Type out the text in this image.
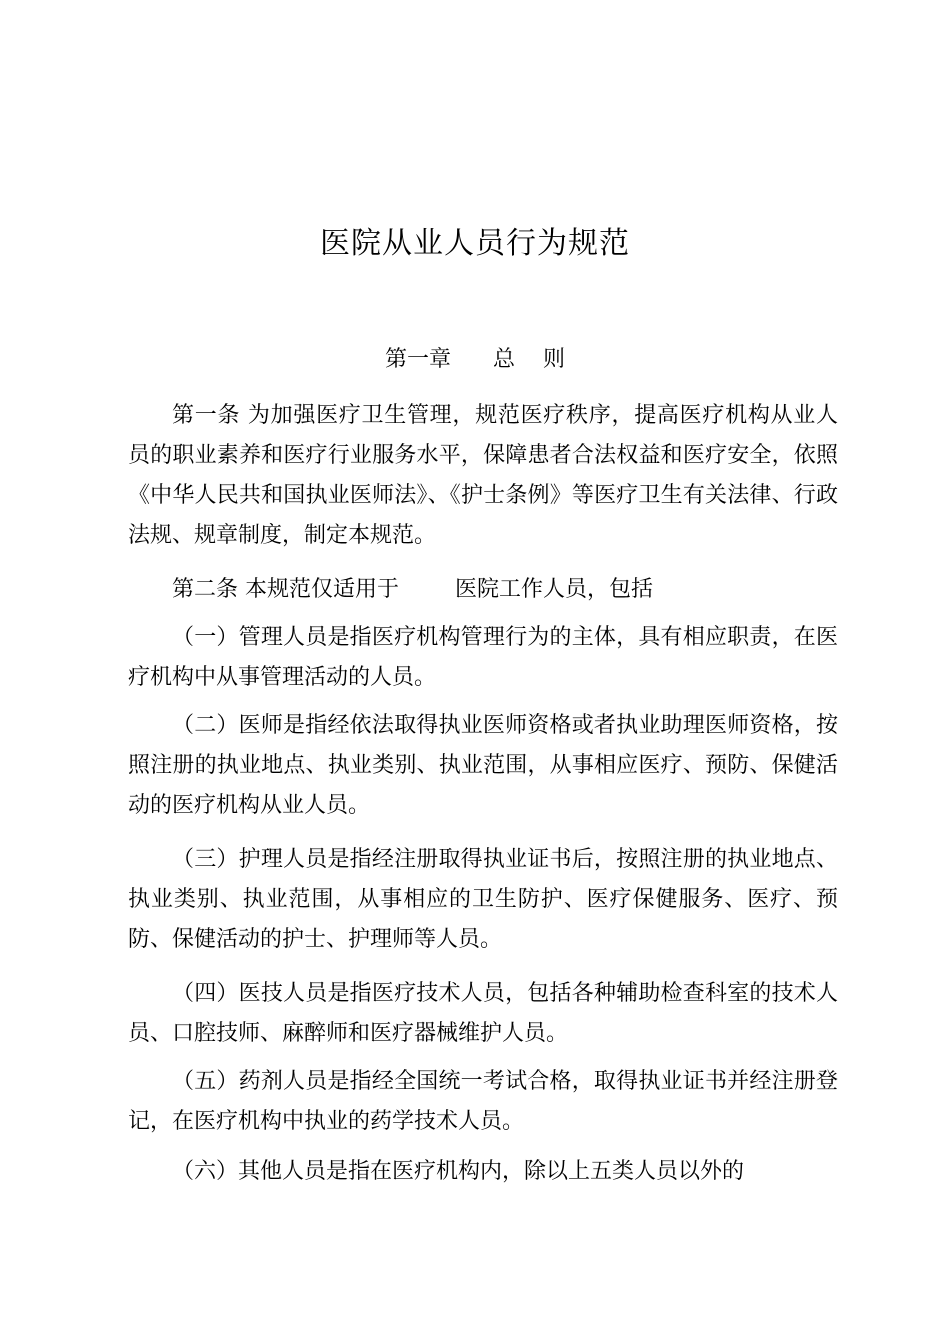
医院从业人员行为规范
第一章      总    则

第一条 为加强医疗卫生管理，规范医疗秩序，提高医疗机构从业人员的职业素养和医疗行业服务水平，保障患者合法权益和医疗安全，依照《中华人民共和国执业医师法》、《护士条例》等医疗卫生有关法律、行政法规、规章制度，制定本规范。

第二条 本规范仅适用于	医院工作人员，包括

（一）管理人员是指医疗机构管理行为的主体，具有相应职责，在医疗机构中从事管理活动的人员。

（二）医师是指经依法取得执业医师资格或者执业助理医师资格，按照注册的执业地点、执业类别、执业范围，从事相应医疗、预防、保健活动的医疗机构从业人员。

（三）护理人员是指经注册取得执业证书后，按照注册的执业地点、执业类别、执业范围，从事相应的卫生防护、医疗保健服务、医疗、预防、保健活动的护士、护理师等人员。

（四）医技人员是指医疗技术人员，包括各种辅助检查科室的技术人员、口腔技师、麻醉师和医疗器械维护人员。

（五）药剂人员是指经全国统一考试合格，取得执业证书并经注册登记，在医疗机构中执业的药学技术人员。

（六）其他人员是指在医疗机构内，除以上五类人员以外的
